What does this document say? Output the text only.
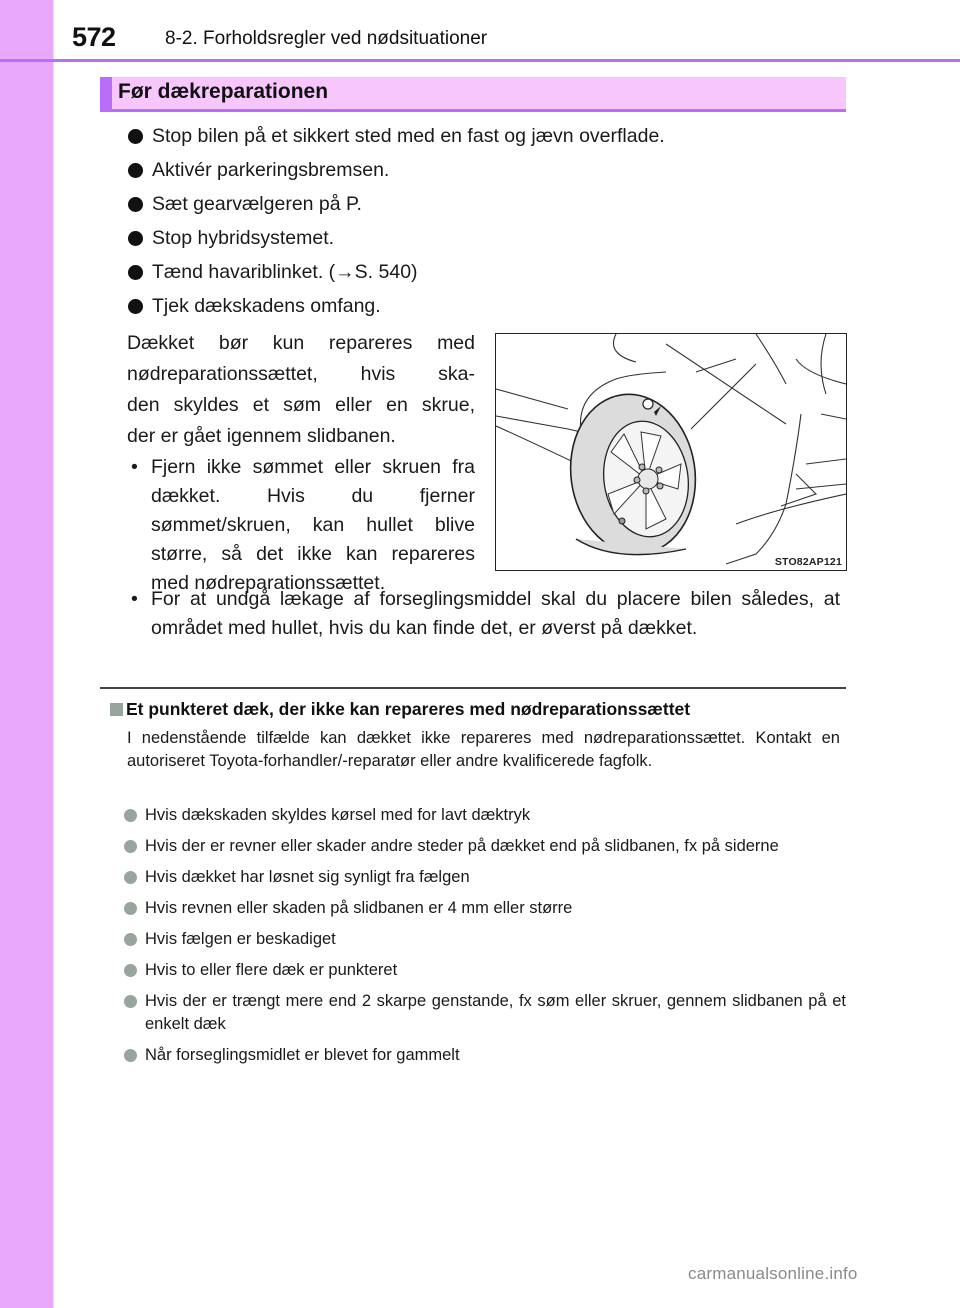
572	8-2. Forholdsregler ved nødsituationer
Før dækreparationen
Stop bilen på et sikkert sted med en fast og jævn overflade.
Aktivér parkeringsbremsen.
Sæt gearvælgeren på P.
Stop hybridsystemet.
Tænd havariblinket. (→S. 540)
Tjek dækskadens omfang.
Dækket bør kun repareres med
nødreparationssættet, hvis ska-
den skyldes et søm eller en skrue,
der er gået igennem slidbanen.
• Fjern ikke sømmet eller skruen fra dækket. Hvis du fjerner sømmet/skruen, kan hullet blive større, så det ikke kan repareres med nødreparationssættet.
STO82AP121
• For at undgå lækage af forseglingsmiddel skal du placere bilen således, at området med hullet, hvis du kan finde det, er øverst på dækket.
Et punkteret dæk, der ikke kan repareres med nødreparationssættet

I nedenstående tilfælde kan dækket ikke repareres med nødreparationssættet. Kontakt en autoriseret Toyota-forhandler/-reparatør eller andre kvalificerede fagfolk.

Hvis dækskaden skyldes kørsel med for lavt dæktryk
Hvis der er revner eller skader andre steder på dækket end på slidbanen, fx på siderne
Hvis dækket har løsnet sig synligt fra fælgen
Hvis revnen eller skaden på slidbanen er 4 mm eller større
Hvis fælgen er beskadiget
Hvis to eller flere dæk er punkteret
Hvis der er trængt mere end 2 skarpe genstande, fx søm eller skruer, gennem slidbanen på et enkelt dæk
Når forseglingsmidlet er blevet for gammelt
carmanualsonline.info
